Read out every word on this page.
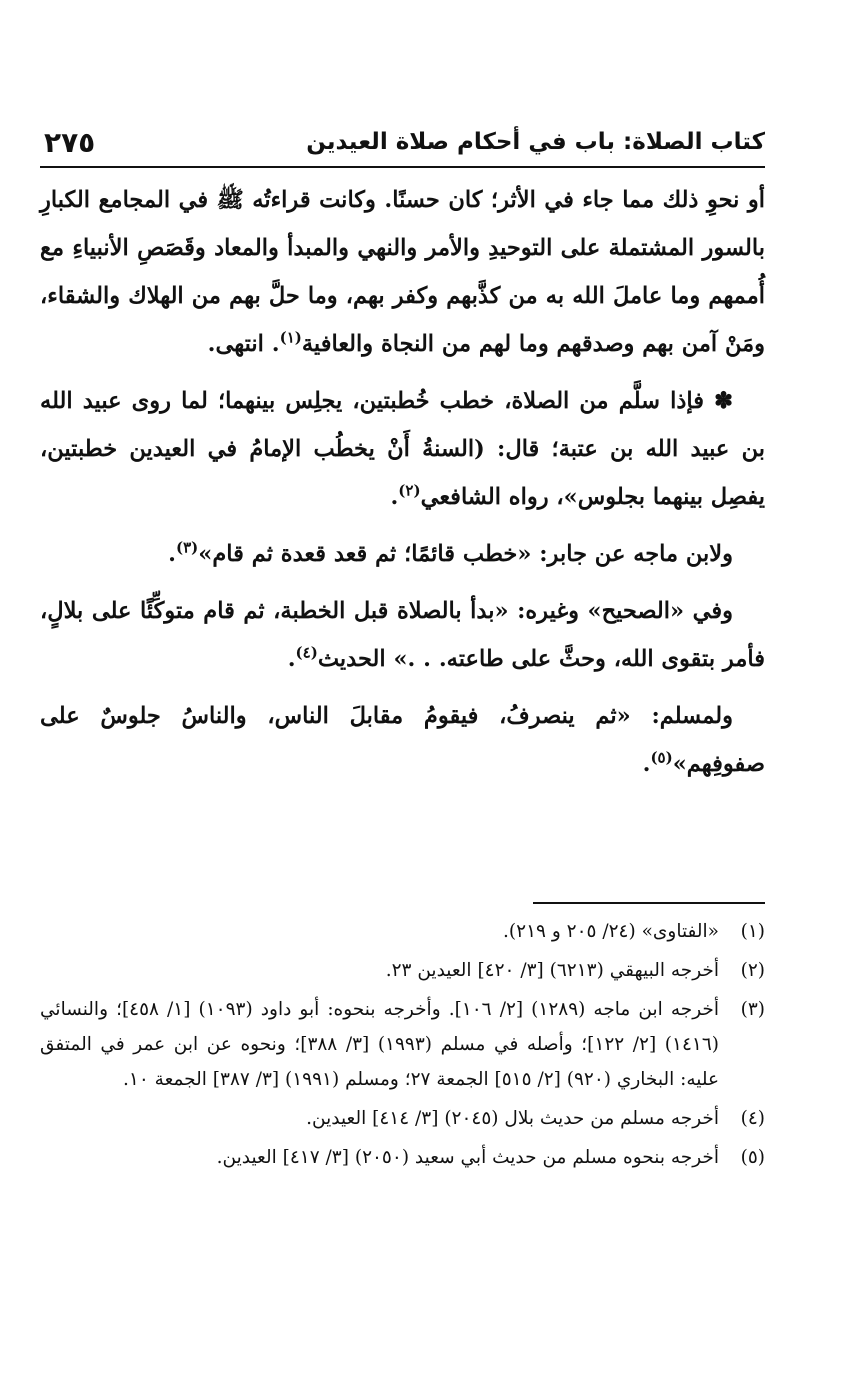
كتاب الصلاة: باب في أحكام صلاة العيدين
٢٧٥

أو نحوِ ذلك مما جاء في الأثر؛ كان حسنًا. وكانت قراءتُه ﷺ في المجامع الكبارِ بالسور المشتملة على التوحيدِ والأمر والنهي والمبدأ والمعاد وقَصَصِ الأنبياءِ مع أُممهم وما عاملَ الله به من كذَّبهم وكفر بهم، وما حلَّ بهم من الهلاك والشقاء، ومَنْ آمن بهم وصدقهم وما لهم من النجاة والعافية$^{(١)}$. انتهى.

✽ فإذا سلَّم من الصلاة، خطب خُطبتين، يجلِس بينهما؛ لما روى عبيد الله بن عبيد الله بن عتبة؛ قال: (السنةُ أَنْ يخطُب الإمامُ في العيدين خطبتين، يفصِل بينهما بجلوس»، رواه الشافعي$^{(٢)}$.

ولابن ماجه عن جابر: «خطب قائمًا؛ ثم قعد قعدة ثم قام»$^{(٣)}$.

وفي «الصحيح» وغيره: «بدأ بالصلاة قبل الخطبة، ثم قام متوكِّئًا على بلالٍ، فأمر بتقوى الله، وحثَّ على طاعته. . .» الحديث$^{(٤)}$.

ولمسلم: «ثم ينصرفُ، فيقومُ مقابلَ الناس، والناسُ جلوسٌ على صفوفِهم»$^{(٥)}$.

(١)
«الفتاوى» (٢٤/ ٢٠٥ و ٢١٩).
(٢)
أخرجه البيهقي (٦٢١٣) [٣/ ٤٢٠] العيدين ٢٣.
(٣)
أخرجه ابن ماجه (١٢٨٩) [٢/ ١٠٦]. وأخرجه بنحوه: أبو داود (١٠٩٣) [١/ ٤٥٨]؛ والنسائي (١٤١٦) [٢/ ١٢٢]؛ وأصله في مسلم (١٩٩٣) [٣/ ٣٨٨]؛ ونحوه عن ابن عمر في المتفق عليه: البخاري (٩٢٠) [٢/ ٥١٥] الجمعة ٢٧؛ ومسلم (١٩٩١) [٣/ ٣٨٧] الجمعة ١٠.
(٤)
أخرجه مسلم من حديث بلال (٢٠٤٥) [٣/ ٤١٤] العيدين.
(٥)
أخرجه بنحوه مسلم من حديث أبي سعيد (٢٠٥٠) [٣/ ٤١٧] العيدين.
